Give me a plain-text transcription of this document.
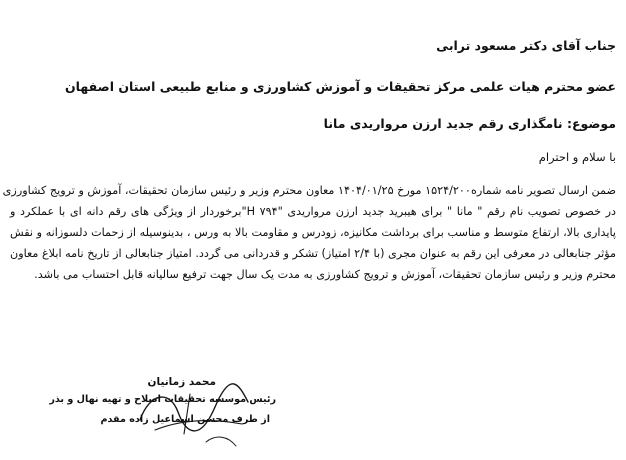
جناب آقای دکتر مسعود ترابی
عضو محترم هیات علمی مرکز تحقیقات و آموزش کشاورزی و منابع طبیعی استان اصفهان
موضوع: نامگذاری رقم جدید ارزن مرواریدی مانا
با سلام و احترام
ضمن ارسال تصویر نامه شماره۱۵۲۴/۲۰۰ مورخ ۱۴۰۴/۰۱/۲۵ معاون محترم وزیر و رئیس سازمان تحقیقات، آموزش و ترویج کشاورزی
در خصوص تصویب نام رقم " مانا " برای هیبرید جدید ارزن مرواریدی "H ۷۹۴"برخوردار از ویژگی های رقم دانه ای با عملکرد و
پایداری بالا، ارتفاع متوسط و مناسب برای برداشت مکانیزه، زودرس و مقاومت بالا به ورس ، بدینوسیله از زحمات دلسوزانه و نقش
مؤثر جنابعالی در معرفی این رقم به عنوان مجری (با ۲/۴ امتیاز) تشکر و قدردانی می گردد. امتیاز جنابعالی از تاریخ نامه ابلاغ معاون
محترم وزیر و رئیس سازمان تحقیقات، آموزش و ترویج کشاورزی به مدت یک سال جهت ترفیع سالیانه قابل احتساب می باشد.
محمد زمانیان
رئیس موسسه تحقیقات اصلاح و تهیه نهال و بذر
از طرف محسن اسماعیل زاده مقدم
